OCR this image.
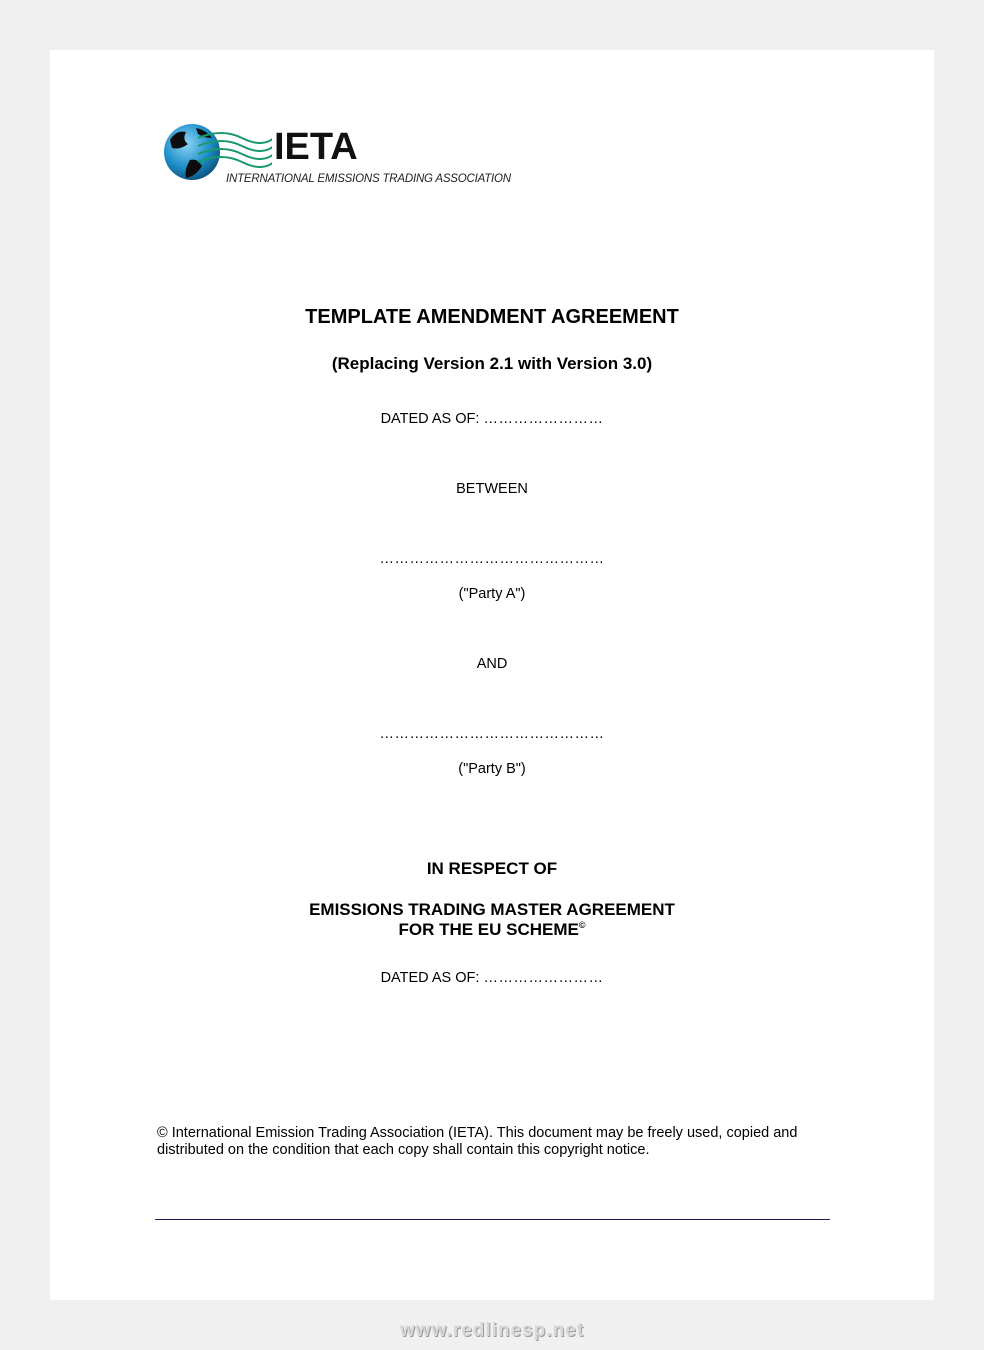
IETA
INTERNATIONAL EMISSIONS TRADING ASSOCIATION
TEMPLATE AMENDMENT AGREEMENT
(Replacing Version 2.1 with Version 3.0)
DATED AS OF: ……………………
BETWEEN
………………………………………
("Party A")
AND
………………………………………
("Party B")
IN RESPECT OF
EMISSIONS TRADING MASTER AGREEMENT
FOR THE EU SCHEME©
DATED AS OF: ……………………
© International Emission Trading Association (IETA). This document may be freely used, copied and distributed on the condition that each copy shall contain this copyright notice.
www.redlinesp.net
